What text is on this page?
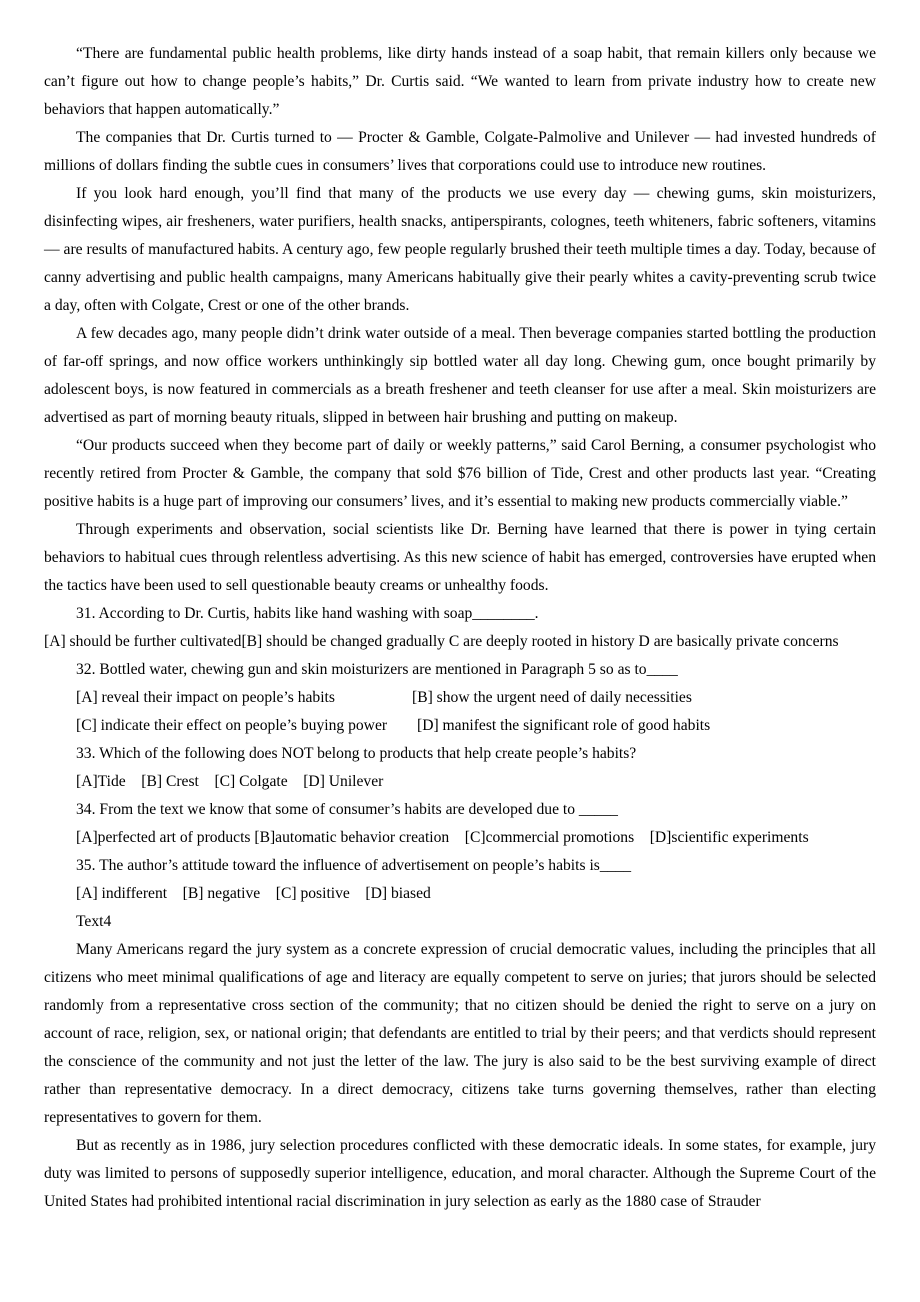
“There are fundamental public health problems, like dirty hands instead of a soap habit, that remain killers only because we can’t figure out how to change people’s habits,” Dr. Curtis said. “We wanted to learn from private industry how to create new behaviors that happen automatically.”

The companies that Dr. Curtis turned to — Procter & Gamble, Colgate-Palmolive and Unilever — had invested hundreds of millions of dollars finding the subtle cues in consumers’ lives that corporations could use to introduce new routines.

If you look hard enough, you’ll find that many of the products we use every day — chewing gums, skin moisturizers, disinfecting wipes, air fresheners, water purifiers, health snacks, antiperspirants, colognes, teeth whiteners, fabric softeners, vitamins— are results of manufactured habits. A century ago, few people regularly brushed their teeth multiple times a day. Today, because of canny advertising and public health campaigns, many Americans habitually give their pearly whites a cavity-preventing scrub twice a day, often with Colgate, Crest or one of the other brands.

A few decades ago, many people didn’t drink water outside of a meal. Then beverage companies started bottling the production of far-off springs, and now office workers unthinkingly sip bottled water all day long. Chewing gum, once bought primarily by adolescent boys, is now featured in commercials as a breath freshener and teeth cleanser for use after a meal. Skin moisturizers are advertised as part of morning beauty rituals, slipped in between hair brushing and putting on makeup.

“Our products succeed when they become part of daily or weekly patterns,” said Carol Berning, a consumer psychologist who recently retired from Procter & Gamble, the company that sold $76 billion of Tide, Crest and other products last year. “Creating positive habits is a huge part of improving our consumers’ lives, and it’s essential to making new products commercially viable.”

Through experiments and observation, social scientists like Dr. Berning have learned that there is power in tying certain behaviors to habitual cues through relentless advertising. As this new science of habit has emerged, controversies have erupted when the tactics have been used to sell questionable beauty creams or unhealthy foods.

31. According to Dr. Curtis, habits like hand washing with soap________.

[A] should be further cultivated[B] should be changed gradually C are deeply rooted in history D are basically private concerns

32. Bottled water, chewing gun and skin moisturizers are mentioned in Paragraph 5 so as to____

[A] reveal their impact on people’s habits	[B] show the urgent need of daily necessities

[C] indicate their effect on people’s buying power [D] manifest the significant role of good habits

33. Which of the following does NOT belong to products that help create people’s habits?

[A]Tide    [B] Crest    [C] Colgate    [D] Unilever

34. From the text we know that some of consumer’s habits are developed due to _____

[A]perfected art of products [B]automatic behavior creation    [C]commercial promotions    [D]scientific experiments

35. The author’s attitude toward the influence of advertisement on people’s habits is____

[A] indifferent    [B] negative    [C] positive    [D] biased

Text4

Many Americans regard the jury system as a concrete expression of crucial democratic values, including the principles that all citizens who meet minimal qualifications of age and literacy are equally competent to serve on juries; that jurors should be selected randomly from a representative cross section of the community; that no citizen should be denied the right to serve on a jury on account of race, religion, sex, or national origin; that defendants are entitled to trial by their peers; and that verdicts should represent the conscience of the community and not just the letter of the law. The jury is also said to be the best surviving example of direct rather than representative democracy. In a direct democracy, citizens take turns governing themselves, rather than electing representatives to govern for them.

But as recently as in 1986, jury selection procedures conflicted with these democratic ideals. In some states, for example, jury duty was limited to persons of supposedly superior intelligence, education, and moral character. Although the Supreme Court of the United States had prohibited intentional racial discrimination in jury selection as early as the 1880 case of Strauder
